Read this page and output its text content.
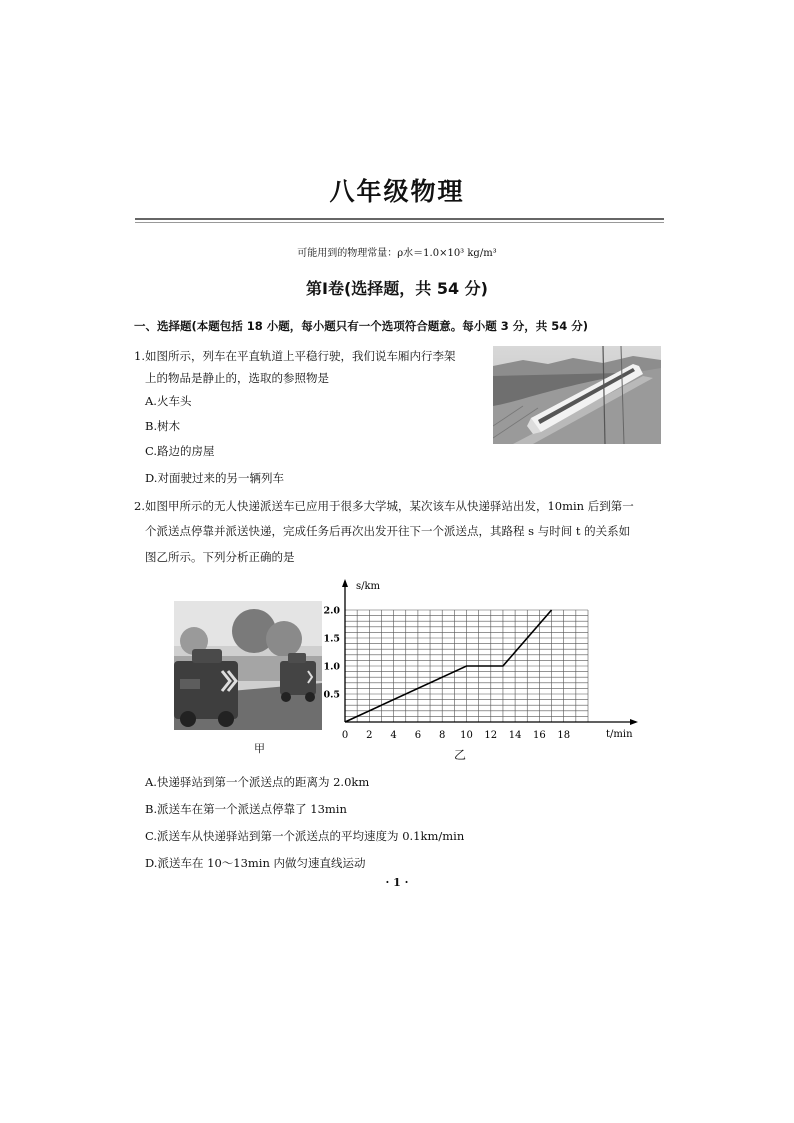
八年级物理
可能用到的物理常量：ρ水＝1.0×10³ kg/m³
第Ⅰ卷(选择题，共 54 分)
一、选择题(本题包括 18 小题，每小题只有一个选项符合题意。每小题 3 分，共 54 分)
1.如图所示，列车在平直轨道上平稳行驶，我们说车厢内行李架
上的物品是静止的，选取的参照物是
A.火车头
B.树木
C.路边的房屋
D.对面驶过来的另一辆列车
2.如图甲所示的无人快递派送车已应用于很多大学城，某次该车从快递驿站出发，10min 后到第一
个派送点停靠并派送快递，完成任务后再次出发开往下一个派送点，其路程 s 与时间 t 的关系如
图乙所示。下列分析正确的是
0 2 4 6 8 10 12 14 16 18
0.5
1.0
1.5
2.0
s/km
t/min
甲	乙
A.快递驿站到第一个派送点的距离为 2.0km
B.派送车在第一个派送点停靠了 13min
C.派送车从快递驿站到第一个派送点的平均速度为 0.1km/min
D.派送车在 10～13min 内做匀速直线运动
· 1 ·
